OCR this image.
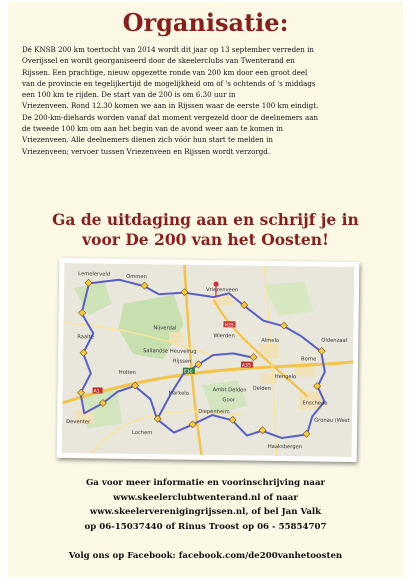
Organisatie:

Dé KNSB 200 km toertocht van 2014 wordt dit jaar op 13 september verreden in

Overijssel en wordt georganiseerd door de skeelerclubs van Twenterand en

Rijssen. Een prachtige, nieuw opgezette ronde van 200 km door een groot deel

van de provincie en tegelijkertijd de mogelijkheid om of 's ochtends of 's middags

een 100 km te rijden. De start van de 200 is om 6.30 uur in

Vriezenveen. Rond 12.30 komen we aan in Rijssen waar de eerste 100 km eindigt.

De 200-km-diehards worden vanaf dat moment vergezeld door de deelnemers aan

de tweede 100 km om aan het begin van de avond weer aan te komen in

Vriezenveen. Alle deelnemers dienen zich vóór hun start te melden in

Vriezenveen; vervoer tussen Vriezenveen en Rijssen wordt verzorgd.

Ga de uitdaging aan en schrijf je in
voor De 200 van het Oosten!
A1
A35
E30
N35
Ommen
Lemelerveld
Vriezenveen
Nijverdal
Almelo
Borne
Wierden
Rijssen
Holten
Raalte
Oldenzaal
Hengelo
Enschede
Goor
Haaksbergen
Markelo
Diepenheim
Lochem
Deventer
Delden
Ambt Delden
Gronau (West
Sallandse Heuvelrug
Ga voor meer informatie en voorinschrijving naar
www.skeelerclubtwenterand.nl of naar
www.skeelerverenigingrijssen.nl, of bel Jan Valk
op 06-15037440 of Rinus Troost op 06 - 55854707
Volg ons op Facebook: facebook.com/de200vanhetoosten
